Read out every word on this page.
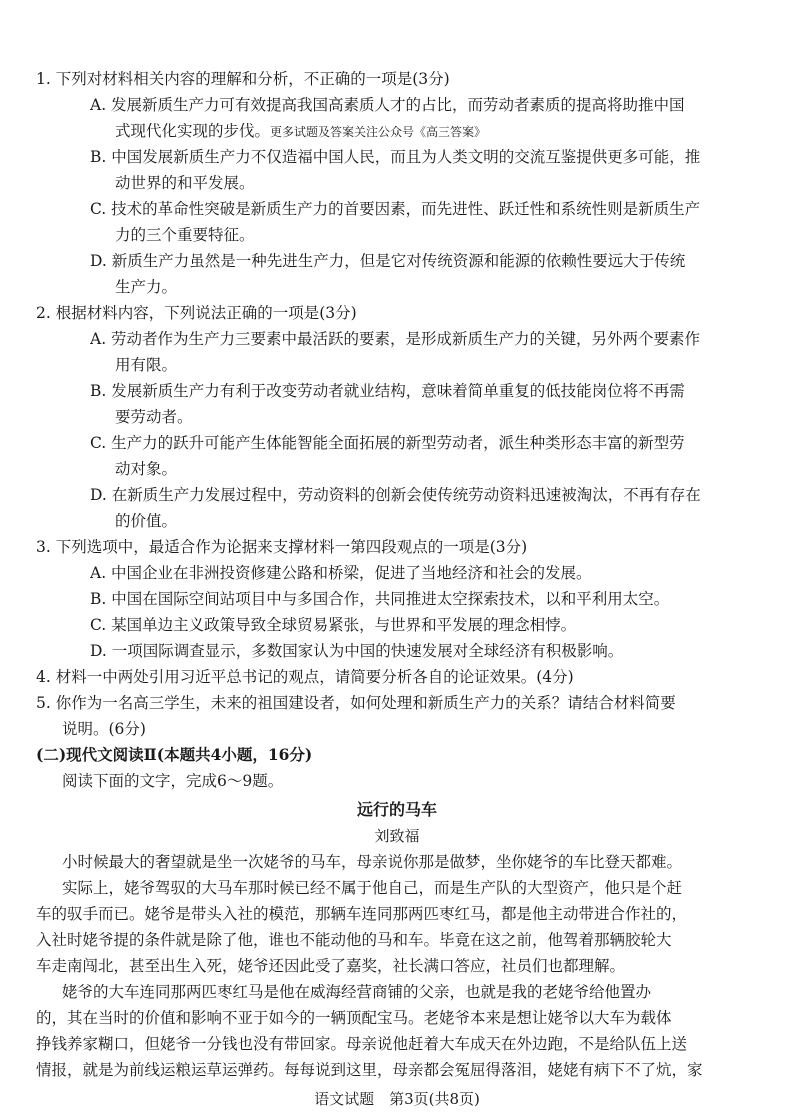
1. 下列对材料相关内容的理解和分析，不正确的一项是(3分)
A. 发展新质生产力可有效提高我国高素质人才的占比，而劳动者素质的提高将助推中国
式现代化实现的步伐。更多试题及答案关注公众号《高三答案》
B. 中国发展新质生产力不仅造福中国人民，而且为人类文明的交流互鉴提供更多可能，推
动世界的和平发展。
C. 技术的革命性突破是新质生产力的首要因素，而先进性、跃迁性和系统性则是新质生产
力的三个重要特征。
D. 新质生产力虽然是一种先进生产力，但是它对传统资源和能源的依赖性要远大于传统
生产力。
2. 根据材料内容，下列说法正确的一项是(3分)
A. 劳动者作为生产力三要素中最活跃的要素，是形成新质生产力的关键，另外两个要素作
用有限。
B. 发展新质生产力有利于改变劳动者就业结构，意味着简单重复的低技能岗位将不再需
要劳动者。
C. 生产力的跃升可能产生体能智能全面拓展的新型劳动者，派生种类形态丰富的新型劳
动对象。
D. 在新质生产力发展过程中，劳动资料的创新会使传统劳动资料迅速被淘汰，不再有存在
的价值。
3. 下列选项中，最适合作为论据来支撑材料一第四段观点的一项是(3分)
A. 中国企业在非洲投资修建公路和桥梁，促进了当地经济和社会的发展。
B. 中国在国际空间站项目中与多国合作，共同推进太空探索技术，以和平利用太空。
C. 某国单边主义政策导致全球贸易紧张，与世界和平发展的理念相悖。
D. 一项国际调查显示，多数国家认为中国的快速发展对全球经济有积极影响。
4. 材料一中两处引用习近平总书记的观点，请简要分析各自的论证效果。(4分)
5. 你作为一名高三学生，未来的祖国建设者，如何处理和新质生产力的关系？请结合材料简要
说明。(6分)
(二)现代文阅读Ⅱ(本题共4小题，16分)
阅读下面的文字，完成6～9题。
远行的马车
刘致福
小时候最大的奢望就是坐一次姥爷的马车，母亲说你那是做梦，坐你姥爷的车比登天都难。
实际上，姥爷驾驭的大马车那时候已经不属于他自己，而是生产队的大型资产，他只是个赶
车的驭手而已。姥爷是带头入社的模范，那辆车连同那两匹枣红马，都是他主动带进合作社的，
入社时姥爷提的条件就是除了他，谁也不能动他的马和车。毕竟在这之前，他驾着那辆胶轮大
车走南闯北，甚至出生入死，姥爷还因此受了嘉奖，社长满口答应，社员们也都理解。
姥爷的大车连同那两匹枣红马是他在威海经营商铺的父亲，也就是我的老姥爷给他置办
的，其在当时的价值和影响不亚于如今的一辆顶配宝马。老姥爷本来是想让姥爷以大车为载体
挣钱养家糊口，但姥爷一分钱也没有带回家。母亲说他赶着大车成天在外边跑，不是给队伍上送
情报，就是为前线运粮运草运弹药。每每说到这里，母亲都会冤屈得落泪，姥姥有病下不了炕，家
语文试题　第3页(共8页)
